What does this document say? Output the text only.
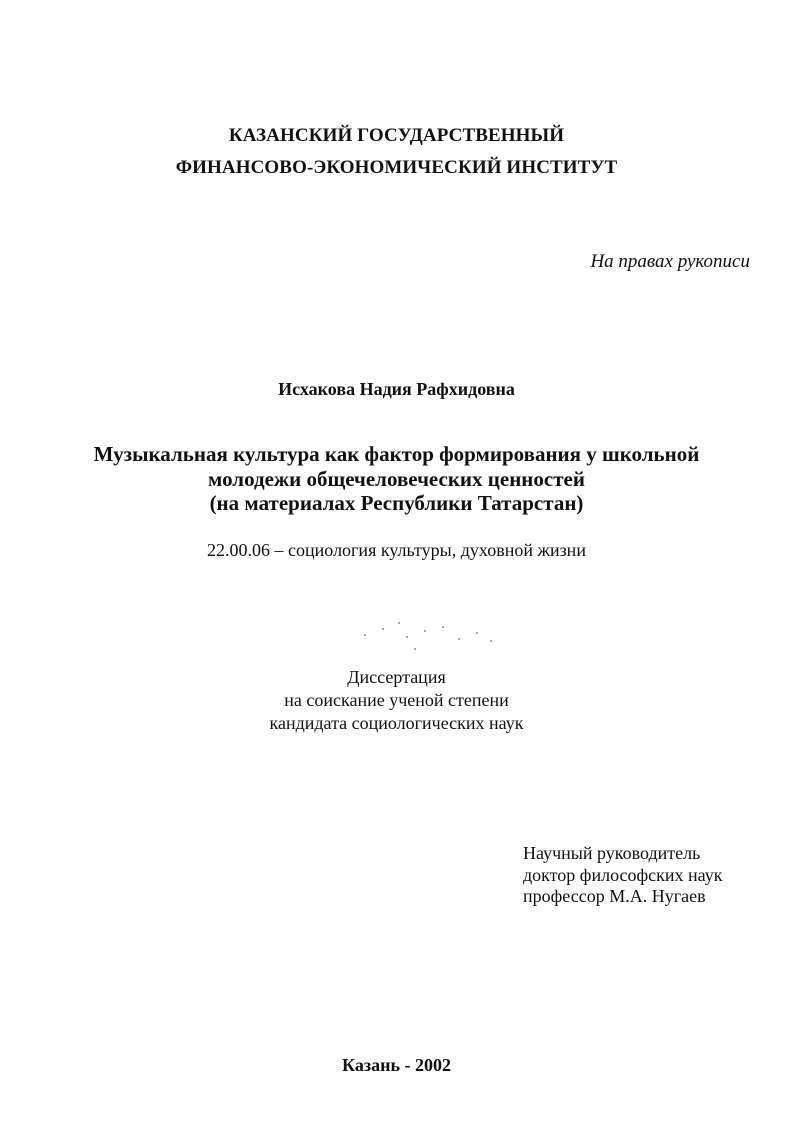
КАЗАНСКИЙ ГОСУДАРСТВЕННЫЙ
ФИНАНСОВО-ЭКОНОМИЧЕСКИЙ ИНСТИТУТ
На правах рукописи
Исхакова Надия Рафхидовна
Музыкальная культура как фактор формирования у школьной
молодежи общечеловеческих ценностей
(на материалах Республики Татарстан)
22.00.06 – социология культуры, духовной жизни
Диссертация
на соискание ученой степени
кандидата социологических наук
Научный руководитель
доктор философских наук
профессор М.А. Нугаев
Казань - 2002
